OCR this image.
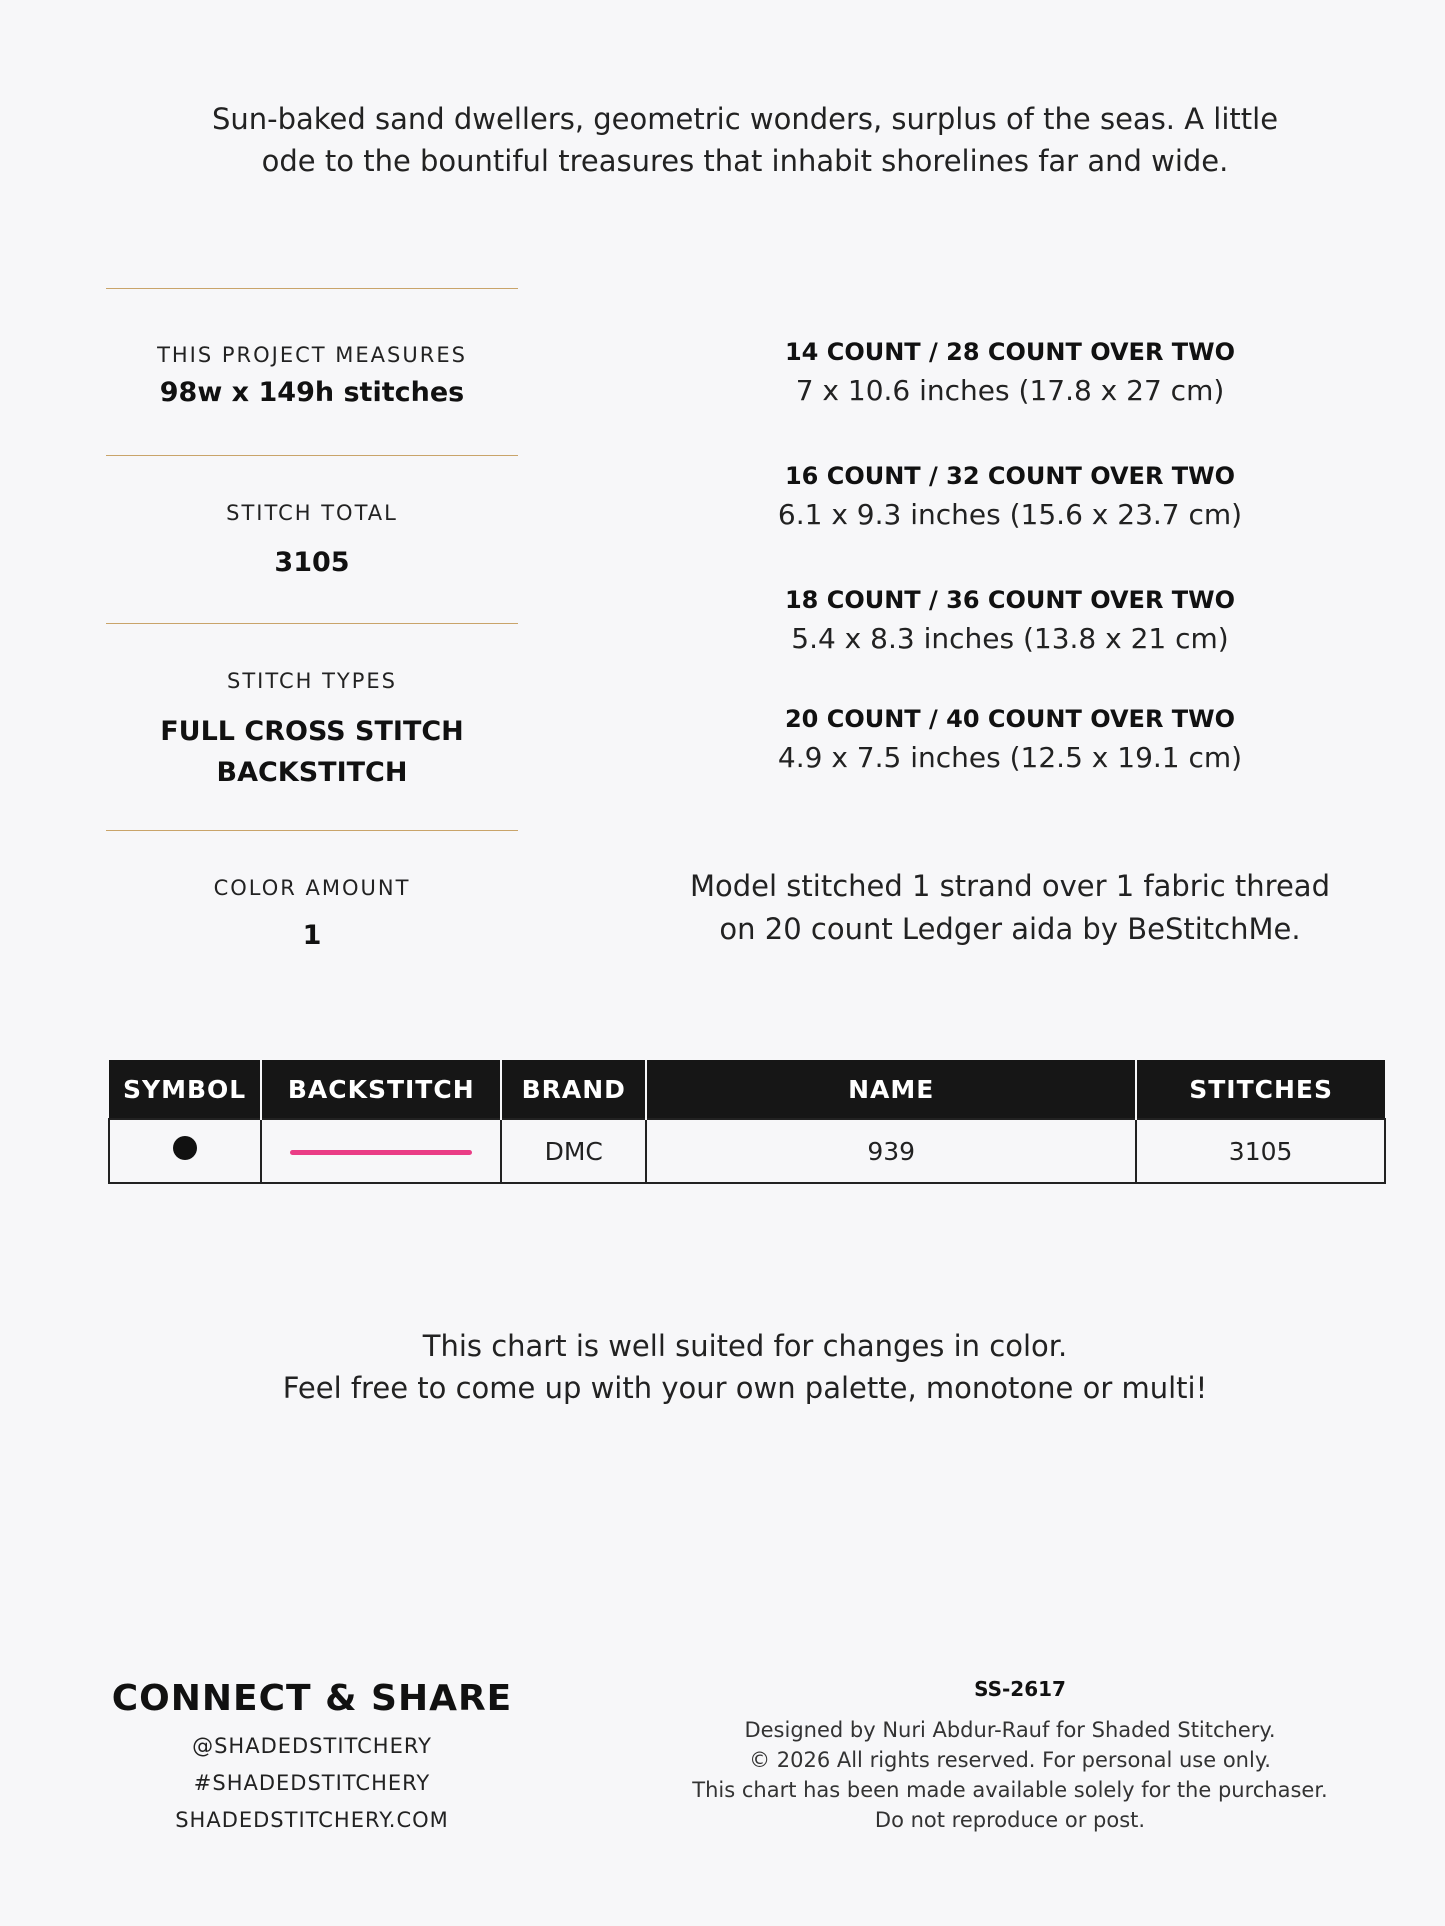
Sun-baked sand dwellers, geometric wonders, surplus of the seas. A little
ode to the bountiful treasures that inhabit shorelines far and wide.
THIS PROJECT MEASURES
98w x 149h stitches
STITCH TOTAL
3105
STITCH TYPES
FULL CROSS STITCH
BACKSTITCH
COLOR AMOUNT
1
14 COUNT / 28 COUNT OVER TWO
7 x 10.6 inches (17.8 x 27 cm)
16 COUNT / 32 COUNT OVER TWO
6.1 x 9.3 inches (15.6 x 23.7 cm)
18 COUNT / 36 COUNT OVER TWO
5.4 x 8.3 inches (13.8 x 21 cm)
20 COUNT / 40 COUNT OVER TWO
4.9 x 7.5 inches (12.5 x 19.1 cm)
Model stitched 1 strand over 1 fabric thread
on 20 count Ledger aida by BeStitchMe.
SYMBOL	BACKSTITCH	BRAND	NAME	STITCHES
		DMC	939	3105
This chart is well suited for changes in color.
Feel free to come up with your own palette, monotone or multi!
CONNECT & SHARE
@SHADEDSTITCHERY
#SHADEDSTITCHERY
SHADEDSTITCHERY.COM
SS-2617
Designed by Nuri Abdur-Rauf for Shaded Stitchery.
© 2026 All rights reserved. For personal use only.
This chart has been made available solely for the purchaser.
Do not reproduce or post.
